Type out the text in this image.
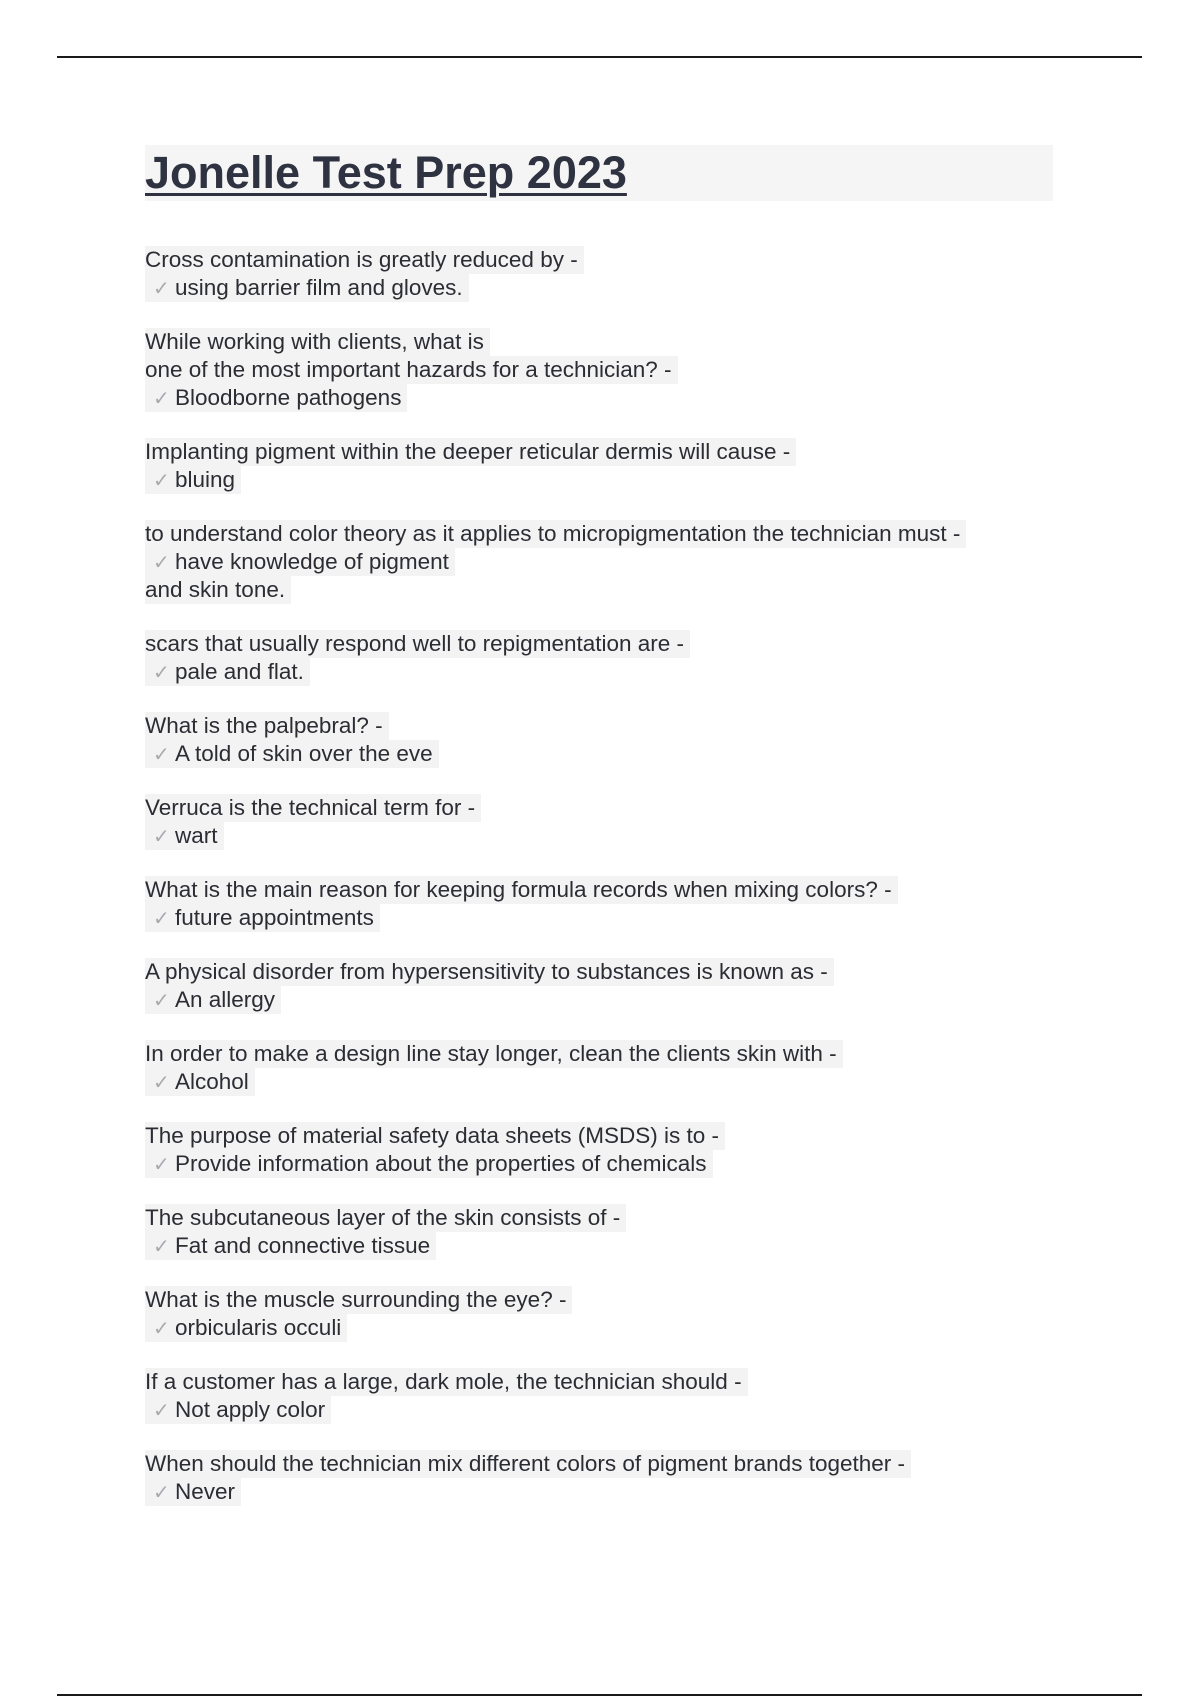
Jonelle Test Prep 2023
Cross contamination is greatly reduced by -
✓ using barrier film and gloves.
While working with clients, what is
one of the most important hazards for a technician? -
✓ Bloodborne pathogens
Implanting pigment within the deeper reticular dermis will cause -
✓ bluing
to understand color theory as it applies to micropigmentation the technician must -
✓ have knowledge of pigment
and skin tone.
scars that usually respond well to repigmentation are -
✓ pale and flat.
What is the palpebral? -
✓ A told of skin over the eve
Verruca is the technical term for -
✓ wart
What is the main reason for keeping formula records when mixing colors? -
✓ future appointments
A physical disorder from hypersensitivity to substances is known as -
✓ An allergy
In order to make a design line stay longer, clean the clients skin with -
✓ Alcohol
The purpose of material safety data sheets (MSDS) is to -
✓ Provide information about the properties of chemicals
The subcutaneous layer of the skin consists of -
✓ Fat and connective tissue
What is the muscle surrounding the eye? -
✓ orbicularis occuli
If a customer has a large, dark mole, the technician should -
✓ Not apply color
When should the technician mix different colors of pigment brands together -
✓ Never
